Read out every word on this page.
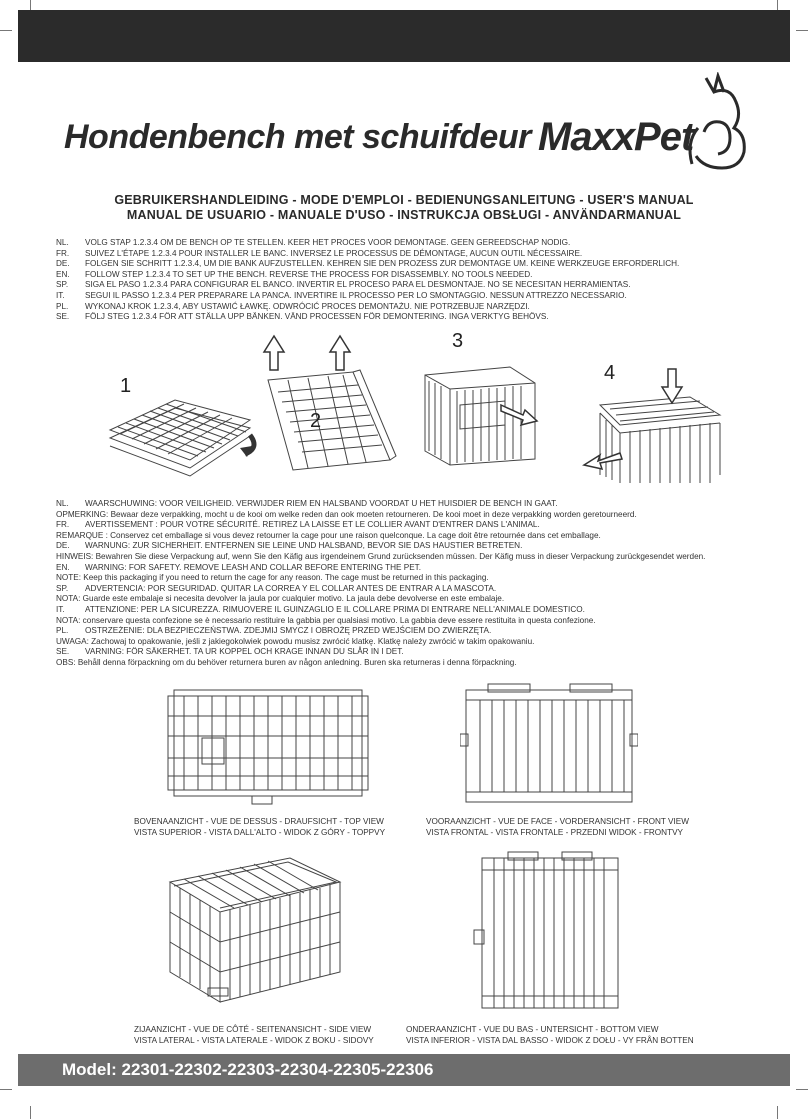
Hondenbench met schuifdeur MaxxPet
GEBRUIKERSHANDLEIDING - MODE D'EMPLOI - BEDIENUNGSANLEITUNG - USER'S MANUAL
MANUAL DE USUARIO - MANUALE D'USO - INSTRUKCJA OBSŁUGI - ANVÄNDARMANUAL
NL.	VOLG STAP 1.2.3.4 OM DE BENCH OP TE STELLEN. KEER HET PROCES VOOR DEMONTAGE. GEEN GEREEDSCHAP NODIG.
FR.	SUIVEZ L'ÉTAPE 1.2.3.4 POUR INSTALLER LE BANC. INVERSEZ LE PROCESSUS DE DÉMONTAGE, AUCUN OUTIL NÉCESSAIRE.
DE.	FOLGEN SIE SCHRITT 1.2.3.4, UM DIE BANK AUFZUSTELLEN. KEHREN SIE DEN PROZESS ZUR DEMONTAGE UM. KEINE WERKZEUGE ERFORDERLICH.
EN.	FOLLOW STEP 1.2.3.4 TO SET UP THE BENCH. REVERSE THE PROCESS FOR DISASSEMBLY. NO TOOLS NEEDED.
SP.	SIGA EL PASO 1.2.3.4 PARA CONFIGURAR EL BANCO. INVERTIR EL PROCESO PARA EL DESMONTAJE. NO SE NECESITAN HERRAMIENTAS.
IT.	SEGUI IL PASSO 1.2.3.4 PER PREPARARE LA PANCA. INVERTIRE IL PROCESSO PER LO SMONTAGGIO. NESSUN ATTREZZO NECESSARIO.
PL.	WYKONAJ KROK 1.2.3.4, ABY USTAWIĆ ŁAWKĘ. ODWRÓCIĆ PROCES DEMONTAŻU. NIE POTRZEBUJE NARZĘDZI.
SE.	FÖLJ STEG 1.2.3.4 FÖR ATT STÄLLA UPP BÄNKEN. VÄND PROCESSEN FÖR DEMONTERING. INGA VERKTYG BEHÖVS.
1
2
3
4
NL.	WAARSCHUWING: VOOR VEILIGHEID. VERWIJDER RIEM EN HALSBAND VOORDAT U HET HUISDIER DE BENCH IN GAAT.
OPMERKING: Bewaar deze verpakking, mocht u de kooi om welke reden dan ook moeten retourneren. De kooi moet in deze verpakking worden geretourneerd.
FR.	AVERTISSEMENT : POUR VOTRE SÉCURITÉ. RETIREZ LA LAISSE ET LE COLLIER AVANT D'ENTRER DANS L'ANIMAL.
REMARQUE : Conservez cet emballage si vous devez retourner la cage pour une raison quelconque. La cage doit être retournée dans cet emballage.
DE.	WARNUNG: ZUR SICHERHEIT. ENTFERNEN SIE LEINE UND HALSBAND, BEVOR SIE DAS HAUSTIER BETRETEN.
HINWEIS: Bewahren Sie diese Verpackung auf, wenn Sie den Käfig aus irgendeinem Grund zurücksenden müssen. Der Käfig muss in dieser Verpackung zurückgesendet werden.
EN.	WARNING: FOR SAFETY. REMOVE LEASH AND COLLAR BEFORE ENTERING THE PET.
NOTE: Keep this packaging if you need to return the cage for any reason. The cage must be returned in this packaging.
SP.	ADVERTENCIA: POR SEGURIDAD. QUITAR LA CORREA Y EL COLLAR ANTES DE ENTRAR A LA MASCOTA.
NOTA: Guarde este embalaje si necesita devolver la jaula por cualquier motivo. La jaula debe devolverse en este embalaje.
IT.	ATTENZIONE: PER LA SICUREZZA. RIMUOVERE IL GUINZAGLIO E IL COLLARE PRIMA DI ENTRARE NELL'ANIMALE DOMESTICO.
NOTA: conservare questa confezione se è necessario restituire la gabbia per qualsiasi motivo. La gabbia deve essere restituita in questa confezione.
PL.	OSTRZEŻENIE: DLA BEZPIECZEŃSTWA. ZDEJMIJ SMYCZ I OBROŻĘ PRZED WEJŚCIEM DO ZWIERZĘTA.
UWAGA: Zachowaj to opakowanie, jeśli z jakiegokolwiek powodu musisz zwrócić klatkę. Klatkę należy zwrócić w takim opakowaniu.
SE.	VARNING: FÖR SÄKERHET. TA UR KOPPEL OCH KRAGE INNAN DU SLÅR IN I DET.
OBS: Behåll denna förpackning om du behöver returnera buren av någon anledning. Buren ska returneras i denna förpackning.
BOVENAANZICHT - VUE DE DESSUS - DRAUFSICHT - TOP VIEW
VISTA SUPERIOR - VISTA DALL'ALTO - WIDOK Z GÓRY - TOPPVY
VOORAANZICHT - VUE DE FACE - VORDERANSICHT - FRONT VIEW
VISTA FRONTAL - VISTA FRONTALE - PRZEDNI WIDOK - FRONTVY
ZIJAANZICHT - VUE DE CÔTÉ - SEITENANSICHT - SIDE VIEW
VISTA LATERAL - VISTA LATERALE - WIDOK Z BOKU - SIDOVY
ONDERAANZICHT - VUE DU BAS - UNTERSICHT - BOTTOM VIEW
VISTA INFERIOR - VISTA DAL BASSO - WIDOK Z DOŁU - VY FRÅN BOTTEN
Model: 22301-22302-22303-22304-22305-22306
